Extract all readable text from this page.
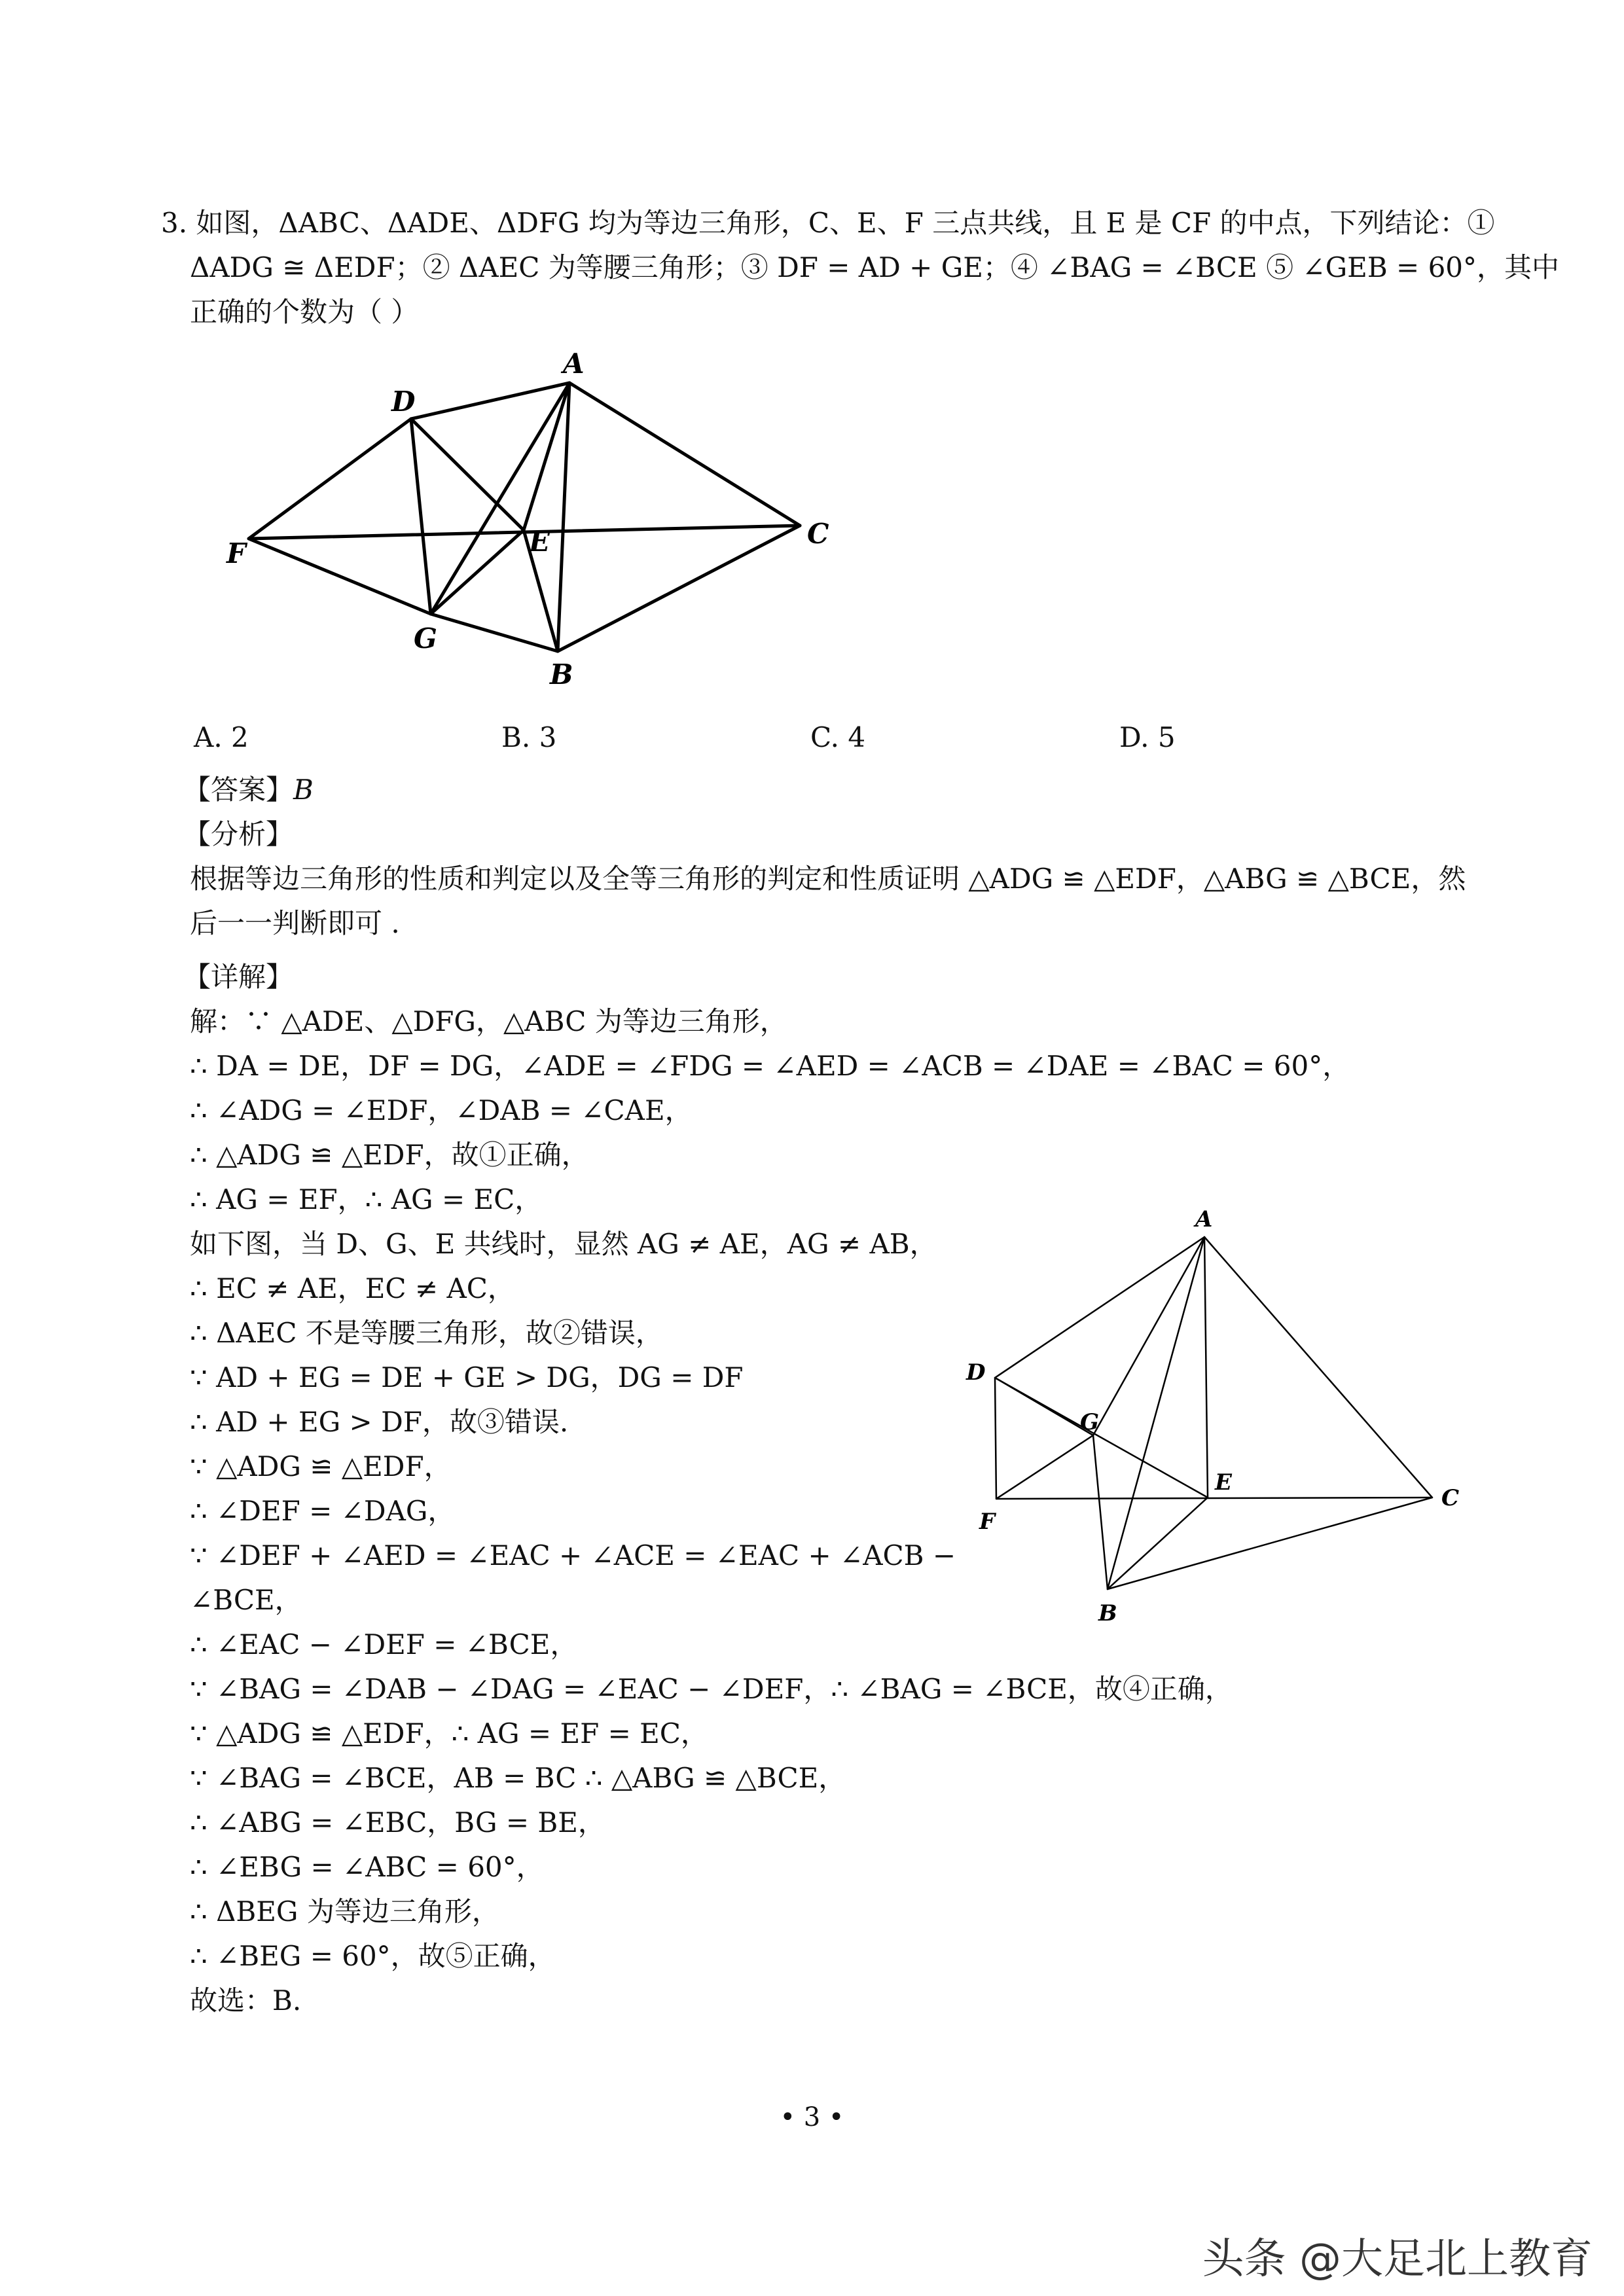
3. 如图，ΔABC、ΔADE、ΔDFG 均为等边三角形，C、E、F 三点共线，且 E 是 CF 的中点，下列结论：①
ΔADG ≅ ΔEDF；② ΔAEC 为等腰三角形；③ DF = AD + GE；④ ∠BAG = ∠BCE ⑤ ∠GEB = 60°，其中
正确的个数为（ ）
A
B
C
D
E
F
G
A. 2	B. 3	C. 4	D. 5
【答案】B
【分析】
根据等边三角形的性质和判定以及全等三角形的判定和性质证明 △ADG ≌ △EDF，△ABG ≌ △BCE，然
后一一判断即可 .
【详解】
解：∵ △ADE、△DFG，△ABC 为等边三角形，
∴ DA = DE，DF = DG，∠ADE = ∠FDG = ∠AED = ∠ACB = ∠DAE = ∠BAC = 60°，
∴ ∠ADG = ∠EDF，∠DAB = ∠CAE，
∴ △ADG ≌ △EDF，故①正确，
∴ AG = EF，∴ AG = EC，
如下图，当 D、G、E 共线时，显然 AG ≠ AE，AG ≠ AB，
∴ EC ≠ AE，EC ≠ AC，
∴ ΔAEC 不是等腰三角形，故②错误，
∵ AD + EG = DE + GE > DG，DG = DF
∴ AD + EG > DF，故③错误.
∵ △ADG ≌ △EDF，
∴ ∠DEF = ∠DAG，
∵ ∠DEF + ∠AED = ∠EAC + ∠ACE = ∠EAC + ∠ACB −
∠BCE，
∴ ∠EAC − ∠DEF = ∠BCE，
∵ ∠BAG = ∠DAB − ∠DAG = ∠EAC − ∠DEF，∴ ∠BAG = ∠BCE，故④正确，
∵ △ADG ≌ △EDF，∴ AG = EF = EC，
∵ ∠BAG = ∠BCE，AB = BC ∴ △ABG ≌ △BCE，
∴ ∠ABG = ∠EBC，BG = BE，
∴ ∠EBG = ∠ABC = 60°，
∴ ΔBEG 为等边三角形，
∴ ∠BEG = 60°，故⑤正确，
故选：B.
A
B
C
D
E
F
G
• 3 •
头条 @大足北上教育
